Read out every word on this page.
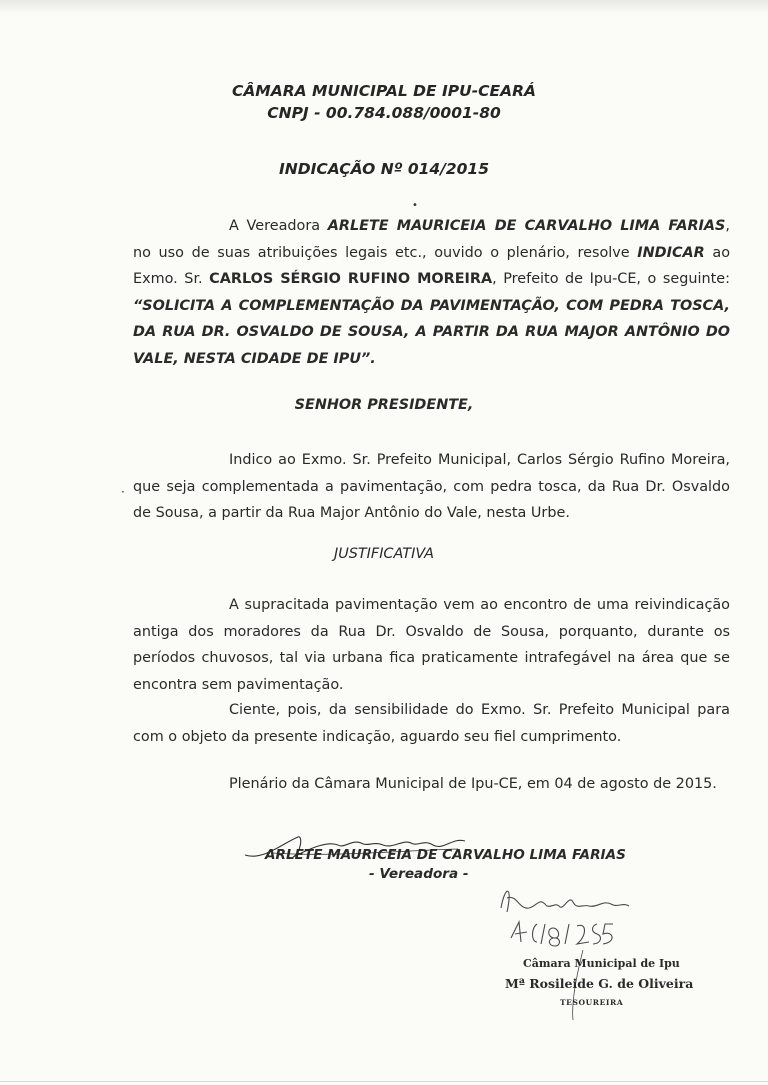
CÂMARA MUNICIPAL DE IPU-CEARÁ
CNPJ - 00.784.088/0001-80
INDICAÇÃO Nº 014/2015
•
A Vereadora ARLETE MAURICEIA DE CARVALHO LIMA FARIAS, no uso de suas atribuições legais etc., ouvido o plenário, resolve INDICAR ao Exmo. Sr. CARLOS SÉRGIO RUFINO MOREIRA, Prefeito de Ipu-CE, o seguinte: “SOLICITA A COMPLEMENTAÇÃO DA PAVIMENTAÇÃO, COM PEDRA TOSCA, DA RUA DR. OSVALDO DE SOUSA, A PARTIR DA RUA MAJOR ANTÔNIO DO VALE, NESTA CIDADE DE IPU”.
SENHOR PRESIDENTE,
·
Indico ao Exmo. Sr. Prefeito Municipal, Carlos Sérgio Rufino Moreira, que seja complementada a pavimentação, com pedra tosca, da Rua Dr. Osvaldo de Sousa, a partir da Rua Major Antônio do Vale, nesta Urbe.
JUSTIFICATIVA
A supracitada pavimentação vem ao encontro de uma reivindicação antiga dos moradores da Rua Dr. Osvaldo de Sousa, porquanto, durante os períodos chuvosos, tal via urbana fica praticamente intrafegável na área que se encontra sem pavimentação.
Ciente, pois, da sensibilidade do Exmo. Sr. Prefeito Municipal para com o objeto da presente indicação, aguardo seu fiel cumprimento.
Plenário da Câmara Municipal de Ipu-CE, em 04 de agosto de 2015.
ARLETE MAURICEIA DE CARVALHO LIMA FARIAS
- Vereadora -
Câmara Municipal de Ipu
Mª Rosileide G. de Oliveira
TESOUREIRA
